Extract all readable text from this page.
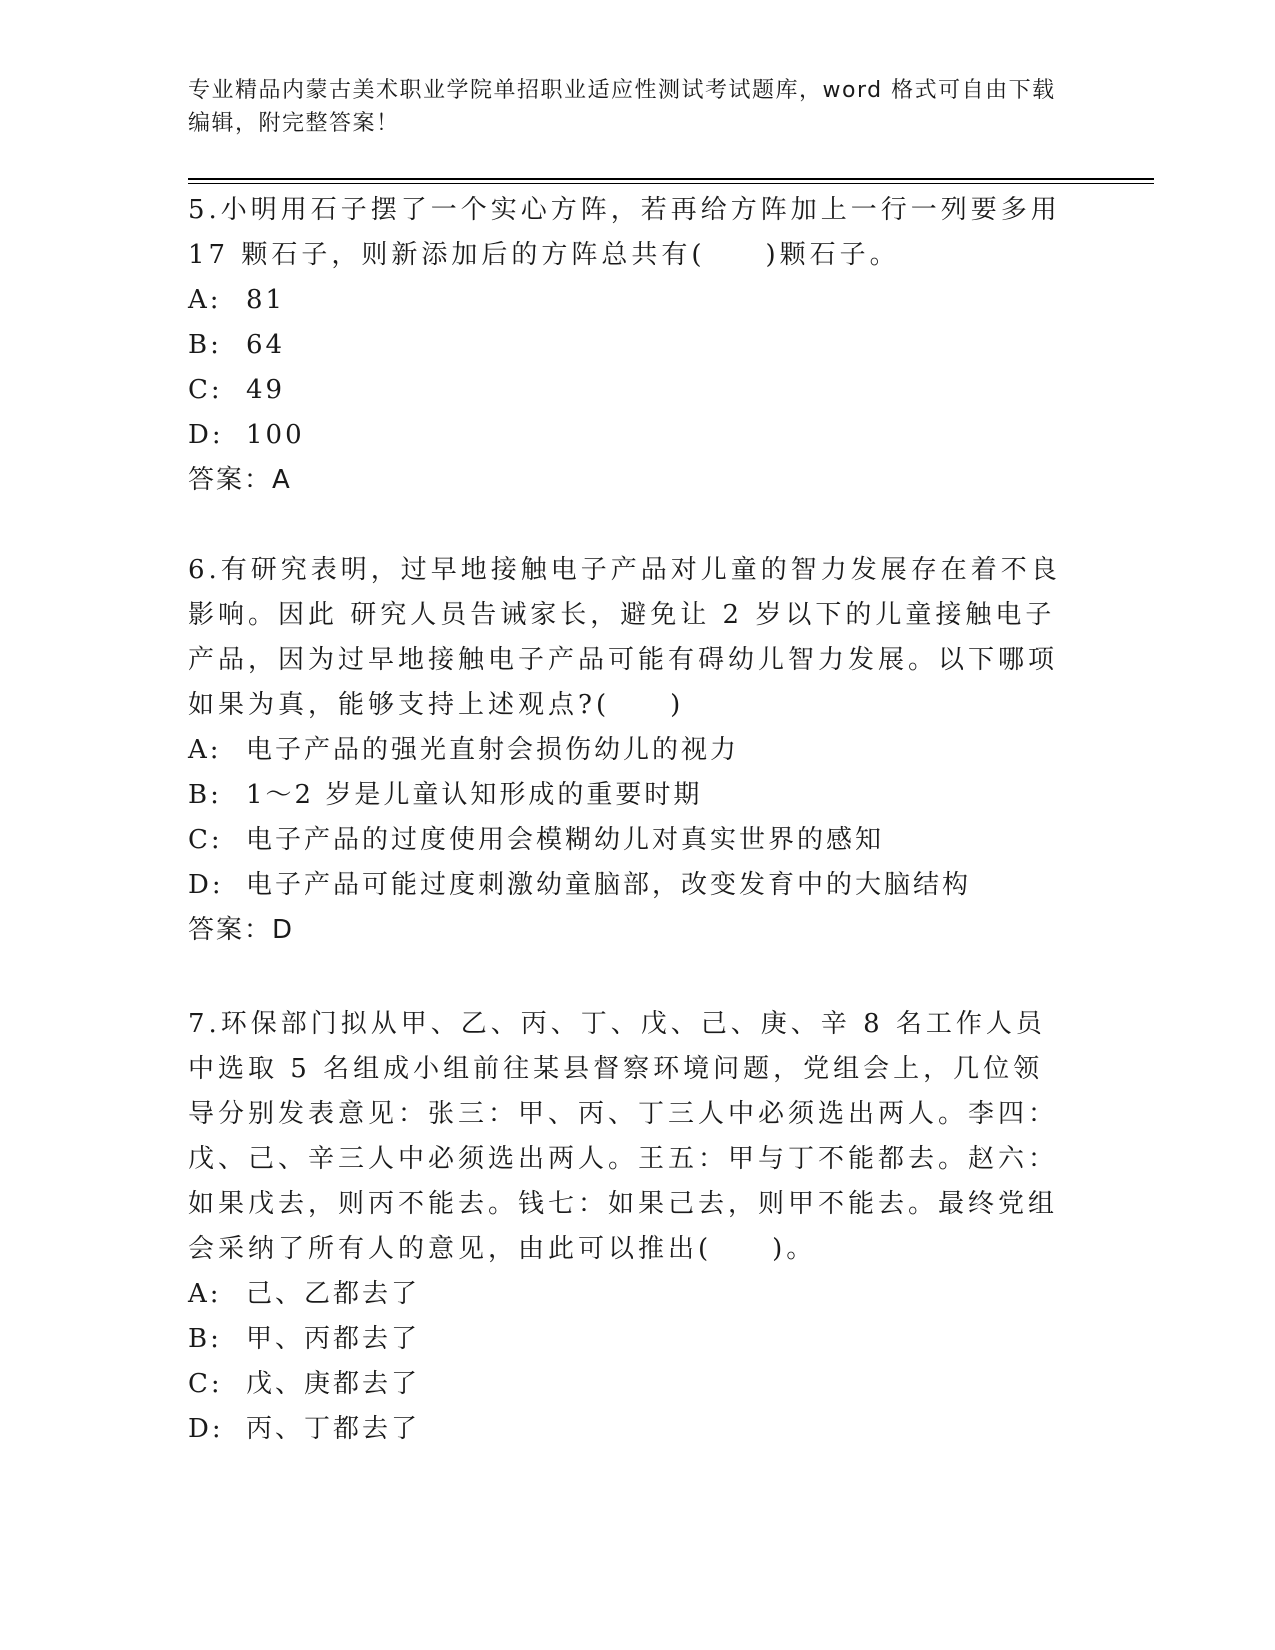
专业精品内蒙古美术职业学院单招职业适应性测试考试题库，word 格式可自由下载编辑，附完整答案！

5.小明用石子摆了一个实心方阵，若再给方阵加上一行一列要多用 17 颗石子，则新添加后的方阵总共有(　　)颗石子。

A: 81
B: 64
C: 49
D: 100
答案：A

6.有研究表明，过早地接触电子产品对儿童的智力发展存在着不良影响。因此 研究人员告诫家长，避免让 2 岁以下的儿童接触电子产品，因为过早地接触电子产品可能有碍幼儿智力发展。以下哪项如果为真，能够支持上述观点?(　　)

A: 电子产品的强光直射会损伤幼儿的视力
B: 1～2 岁是儿童认知形成的重要时期
C: 电子产品的过度使用会模糊幼儿对真实世界的感知
D: 电子产品可能过度刺激幼童脑部，改变发育中的大脑结构
答案：D

7.环保部门拟从甲、乙、丙、丁、戊、己、庚、辛 8 名工作人员中选取 5 名组成小组前往某县督察环境问题，党组会上，几位领导分别发表意见：张三：甲、丙、丁三人中必须选出两人。李四：戊、己、辛三人中必须选出两人。王五：甲与丁不能都去。赵六：如果戊去，则丙不能去。钱七：如果己去，则甲不能去。最终党组会采纳了所有人的意见，由此可以推出(　　)。

A: 己、乙都去了
B: 甲、丙都去了
C: 戊、庚都去了
D: 丙、丁都去了
